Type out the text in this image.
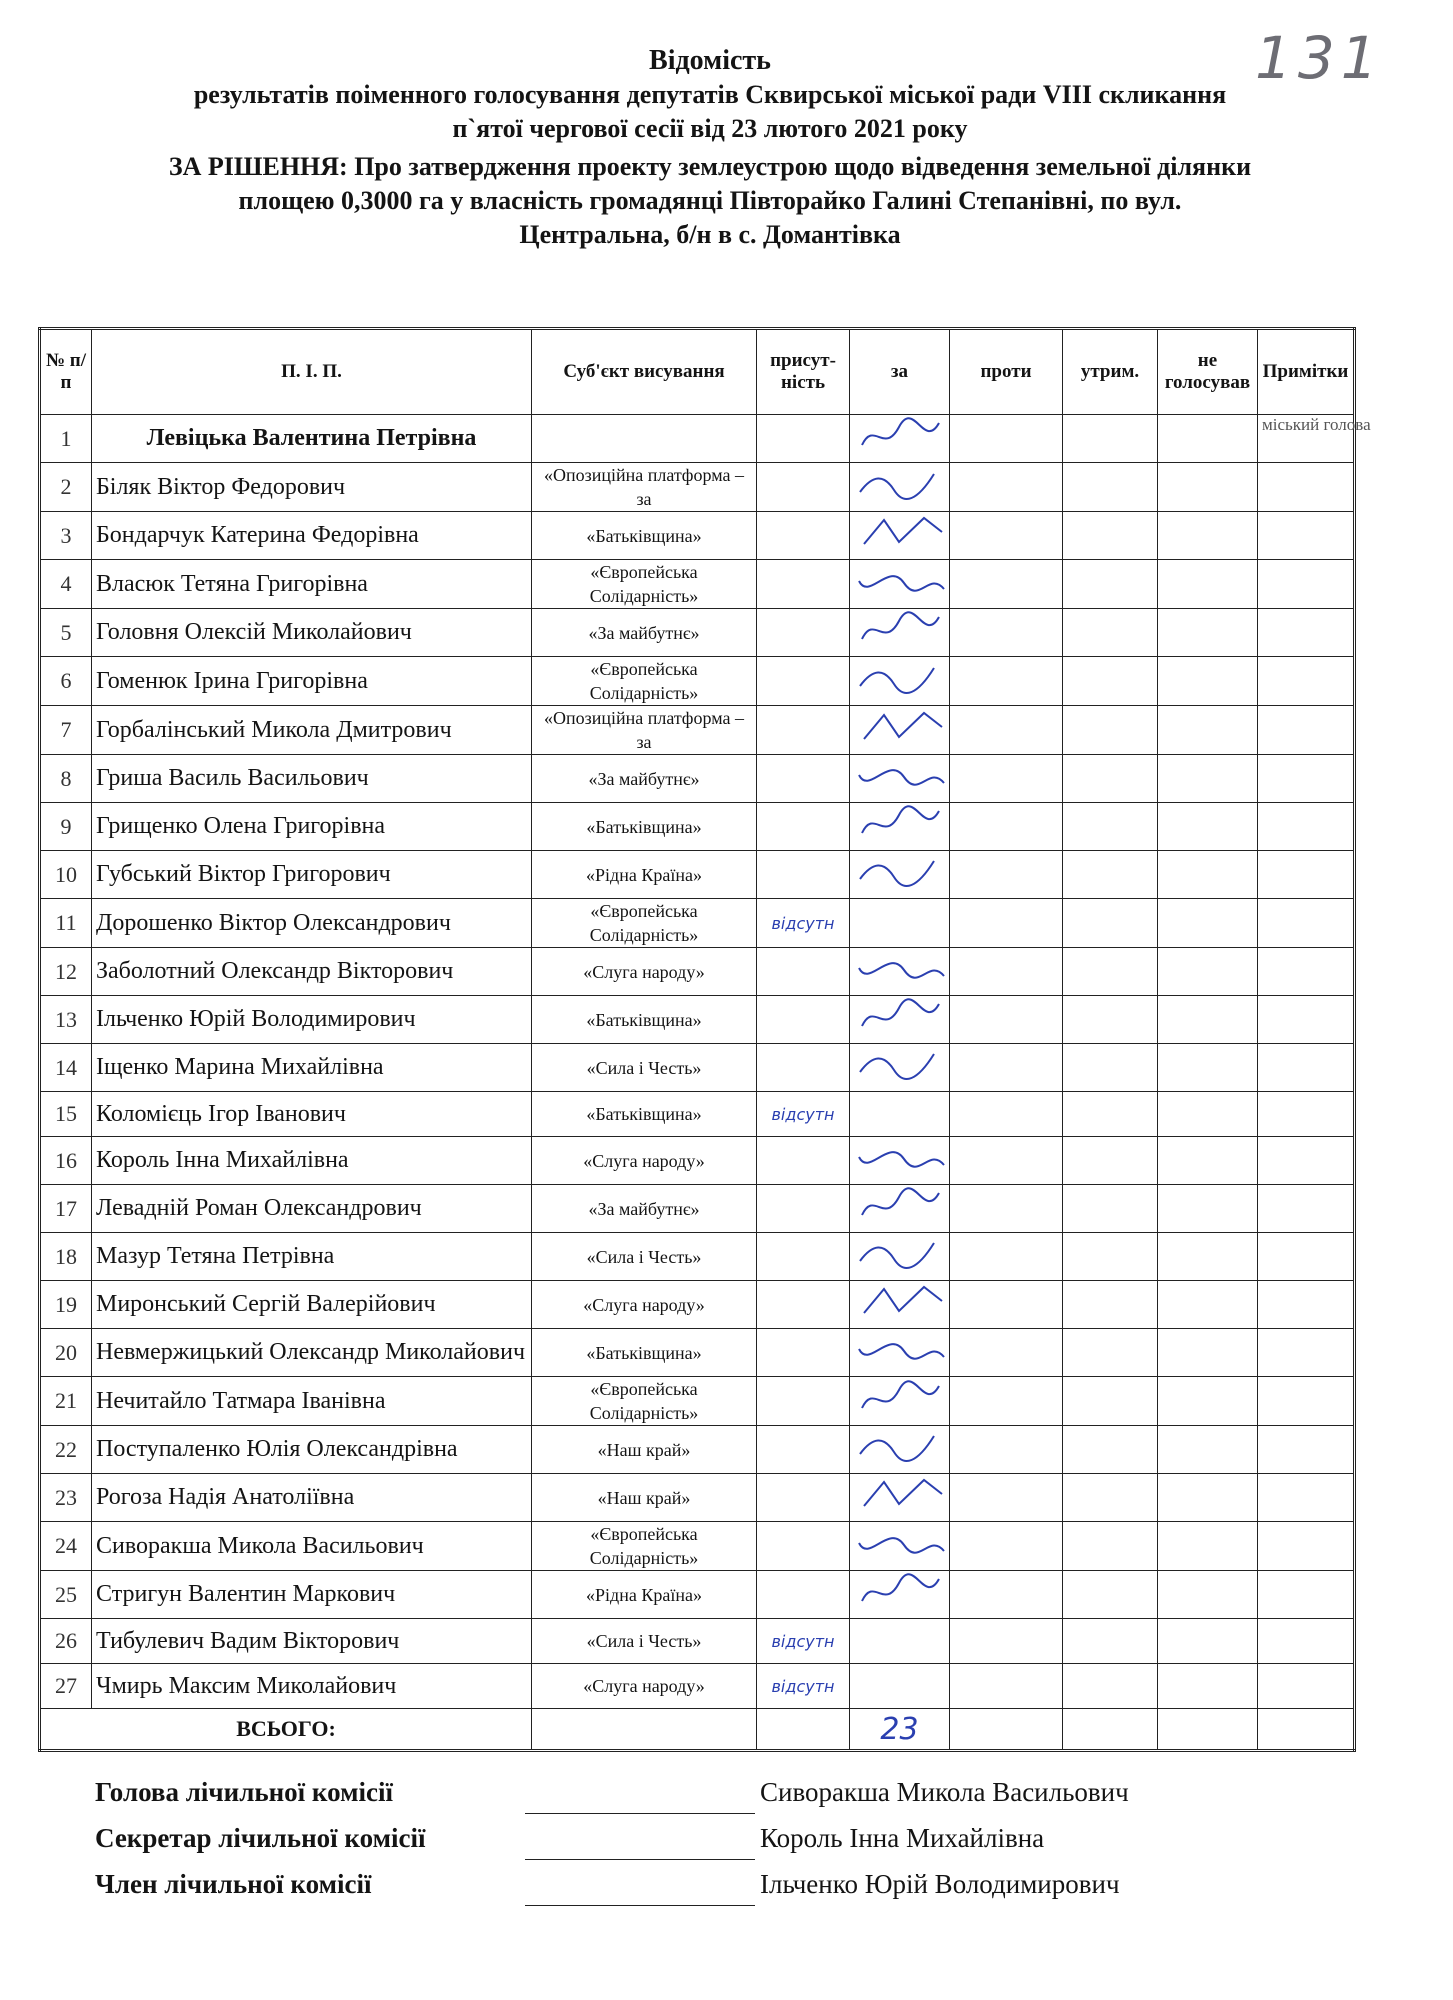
131
Відомість
результатів поіменного голосування депутатів Сквирської міської ради VIII скликання
п`ятої чергової сесії від 23 лютого 2021 року
ЗА РІШЕННЯ: Про затвердження проекту землеустрою щодо відведення земельної ділянки
площею 0,3000 га у власність громадянці Півторайко Галині Степанівні, по вул.
Центральна, б/н в с. Домантівка
№ п/п	П. І. П.	Суб'єкт висування	присут-ність	за	проти	утрим.	не голосував	Примітки
1	Левіцька Валентина Петрівна							міський голова
2	Біляк Віктор Федорович	«Опозиційна платформа – за						
3	Бондарчук Катерина Федорівна	«Батьківщина»						
4	Власюк Тетяна Григорівна	«Європейська Солідарність»						
5	Головня Олексій Миколайович	«За майбутнє»						
6	Гоменюк Ірина Григорівна	«Європейська Солідарність»						
7	Горбалінський Микола Дмитрович	«Опозиційна платформа – за						
8	Гриша Василь Васильович	«За майбутнє»						
9	Грищенко Олена Григорівна	«Батьківщина»						
10	Губський Віктор Григорович	«Рідна Країна»						
11	Дорошенко Віктор Олександрович	«Європейська Солідарність»	відсутн					
12	Заболотний Олександр Вікторович	«Слуга народу»						
13	Ільченко Юрій Володимирович	«Батьківщина»						
14	Іщенко Марина Михайлівна	«Сила і Честь»						
15	Коломієць Ігор Іванович	«Батьківщина»	відсутн					
16	Король Інна Михайлівна	«Слуга народу»						
17	Левадній Роман Олександрович	«За майбутнє»						
18	Мазур Тетяна Петрівна	«Сила і Честь»						
19	Миронський Сергій Валерійович	«Слуга народу»						
20	Невмержицький Олександр Миколайович	«Батьківщина»						
21	Нечитайло Татмара Іванівна	«Європейська Солідарність»						
22	Поступаленко Юлія Олександрівна	«Наш край»						
23	Рогоза Надія Анатоліївна	«Наш край»						
24	Сиворакша Микола Васильович	«Європейська Солідарність»						
25	Стригун Валентин Маркович	«Рідна Країна»						
26	Тибулевич Вадим Вікторович	«Сила і Честь»	відсутн					
27	Чмирь Максим Миколайович	«Слуга народу»	відсутн					
ВСЬОГО:				23				
Голова лічильної комісії	Сиворакша Микола Васильович
Секретар лічильної комісії	Король Інна Михайлівна
Член лічильної комісії	Ільченко Юрій Володимирович
